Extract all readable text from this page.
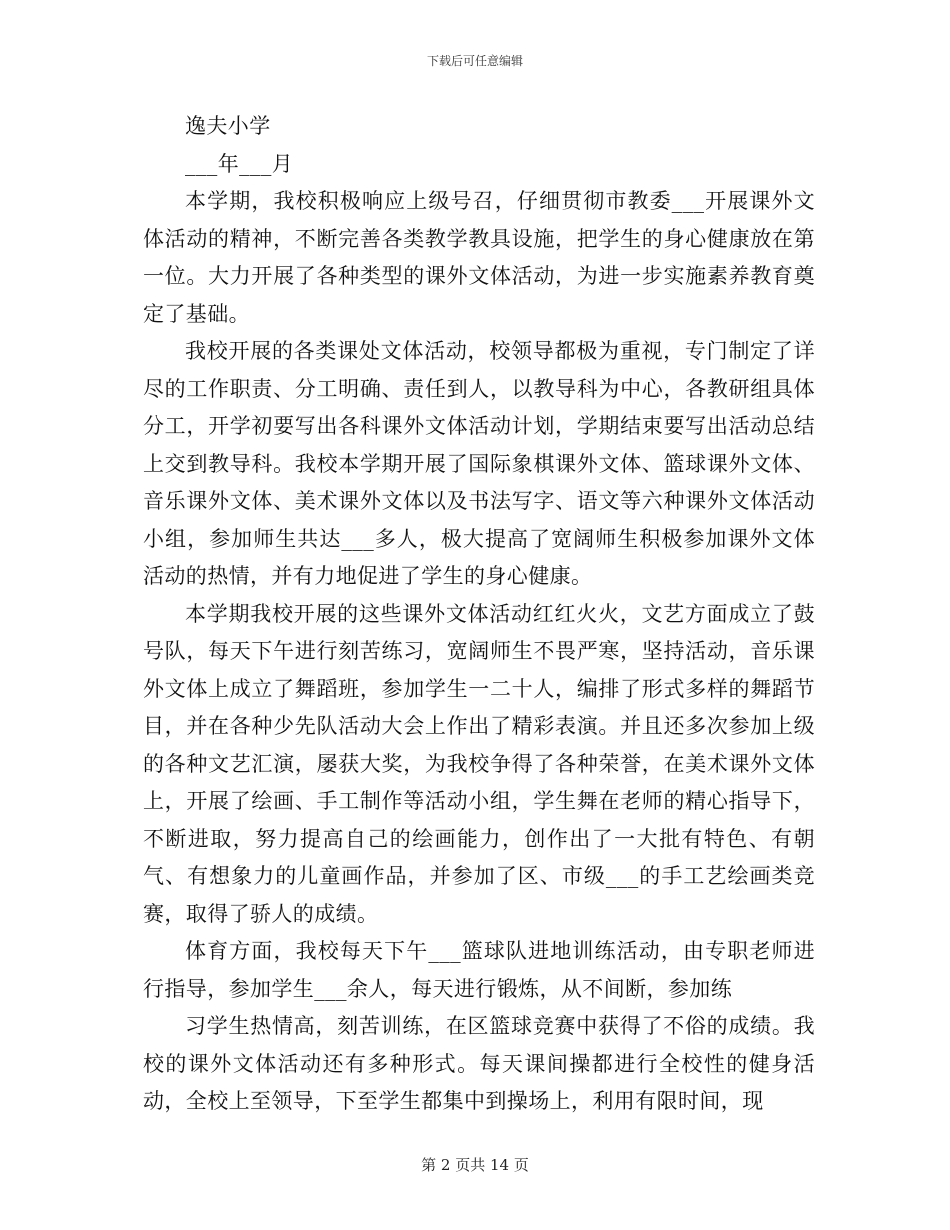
下载后可任意编辑

逸夫小学

___年___月

本学期，我校积极响应上级号召，仔细贯彻市教委___开展课外文体活动的精神，不断完善各类教学教具设施，把学生的身心健康放在第一位。大力开展了各种类型的课外文体活动，为进一步实施素养教育奠定了基础。

我校开展的各类课处文体活动，校领导都极为重视，专门制定了详尽的工作职责、分工明确、责任到人，以教导科为中心，各教研组具体分工，开学初要写出各科课外文体活动计划，学期结束要写出活动总结上交到教导科。我校本学期开展了国际象棋课外文体、篮球课外文体、音乐课外文体、美术课外文体以及书法写字、语文等六种课外文体活动小组，参加师生共达___多人，极大提高了宽阔师生积极参加课外文体活动的热情，并有力地促进了学生的身心健康。

本学期我校开展的这些课外文体活动红红火火，文艺方面成立了鼓号队，每天下午进行刻苦练习，宽阔师生不畏严寒，坚持活动，音乐课外文体上成立了舞蹈班，参加学生一二十人，编排了形式多样的舞蹈节目，并在各种少先队活动大会上作出了精彩表演。并且还多次参加上级的各种文艺汇演，屡获大奖，为我校争得了各种荣誉，在美术课外文体上，开展了绘画、手工制作等活动小组，学生舞在老师的精心指导下，不断进取，努力提高自己的绘画能力，创作出了一大批有特色、有朝气、有想象力的儿童画作品，并参加了区、市级___的手工艺绘画类竞赛，取得了骄人的成绩。

体育方面，我校每天下午___篮球队进地训练活动，由专职老师进行指导，参加学生___余人，每天进行锻炼，从不间断，参加练

习学生热情高，刻苦训练，在区篮球竞赛中获得了不俗的成绩。我校的课外文体活动还有多种形式。每天课间操都进行全校性的健身活动，全校上至领导，下至学生都集中到操场上，利用有限时间，现

第 2 页共 14 页
